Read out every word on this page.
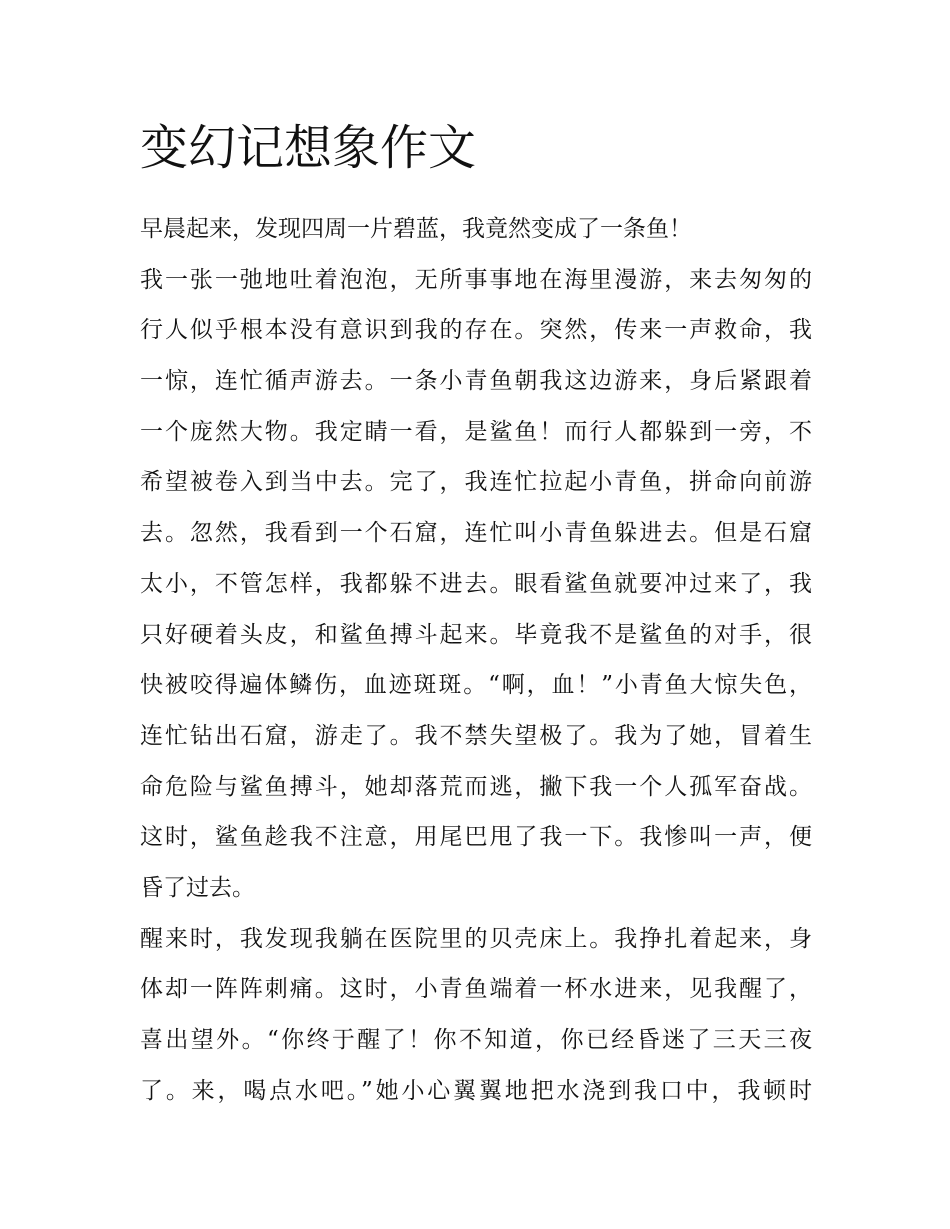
变幻记想象作文
早晨起来，发现四周一片碧蓝，我竟然变成了一条鱼！
我一张一弛地吐着泡泡，无所事事地在海里漫游，来去匆匆的
行人似乎根本没有意识到我的存在。突然，传来一声救命，我
一惊，连忙循声游去。一条小青鱼朝我这边游来，身后紧跟着
一个庞然大物。我定睛一看，是鲨鱼！而行人都躲到一旁，不
希望被卷入到当中去。完了，我连忙拉起小青鱼，拼命向前游
去。忽然，我看到一个石窟，连忙叫小青鱼躲进去。但是石窟
太小，不管怎样，我都躲不进去。眼看鲨鱼就要冲过来了，我
只好硬着头皮，和鲨鱼搏斗起来。毕竟我不是鲨鱼的对手，很
快被咬得遍体鳞伤，血迹斑斑。“啊，血！”小青鱼大惊失色，
连忙钻出石窟，游走了。我不禁失望极了。我为了她，冒着生
命危险与鲨鱼搏斗，她却落荒而逃，撇下我一个人孤军奋战。
这时，鲨鱼趁我不注意，用尾巴甩了我一下。我惨叫一声，便
昏了过去。
醒来时，我发现我躺在医院里的贝壳床上。我挣扎着起来，身
体却一阵阵刺痛。这时，小青鱼端着一杯水进来，见我醒了，
喜出望外。“你终于醒了！你不知道，你已经昏迷了三天三夜
了。来，喝点水吧。”她小心翼翼地把水浇到我口中，我顿时
